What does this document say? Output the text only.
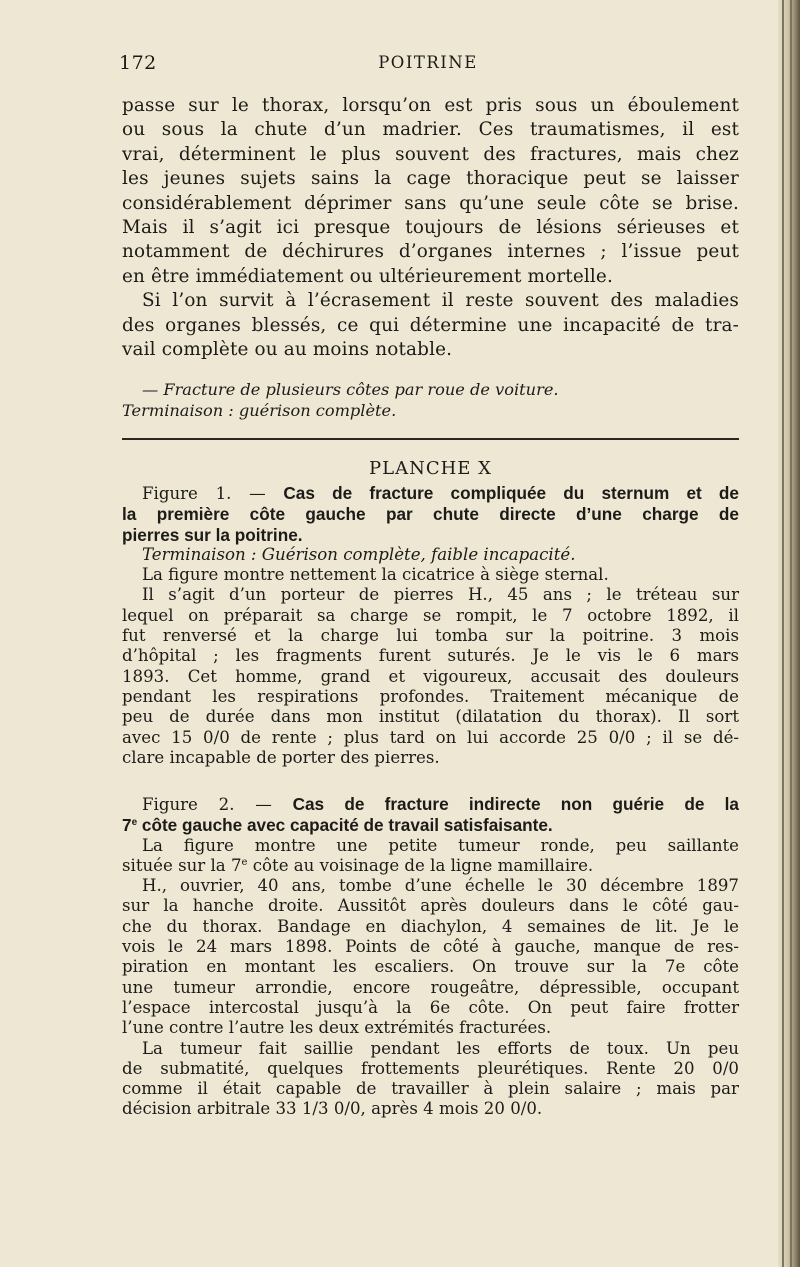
172	POITRINE
passe sur le thorax, lorsqu’on est pris sous un éboulement
ou sous la chute d’un madrier. Ces traumatismes, il est
vrai, déterminent le plus souvent des fractures, mais chez
les jeunes sujets sains la cage thoracique peut se laisser
considérablement déprimer sans qu’une seule côte se brise.
Mais il s’agit ici presque toujours de lésions sérieuses et
notamment de déchirures d’organes internes ; l’issue peut
en être immédiatement ou ultérieurement mortelle.
Si l’on survit à l’écrasement il reste souvent des maladies
des organes blessés, ce qui détermine une incapacité de tra-
vail complète ou au moins notable.
— Fracture de plusieurs côtes par roue de voiture.
Terminaison : guérison complète.
PLANCHE X
Figure 1. — Cas de fracture compliquée du sternum et de
la première côte gauche par chute directe d’une charge de
pierres sur la poitrine.
Terminaison : Guérison complète, faible incapacité.
La figure montre nettement la cicatrice à siège sternal.
Il s’agit d’un porteur de pierres H., 45 ans ; le tréteau sur
lequel on préparait sa charge se rompit, le 7 octobre 1892, il
fut renversé et la charge lui tomba sur la poitrine. 3 mois
d’hôpital ; les fragments furent suturés. Je le vis le 6 mars
1893. Cet homme, grand et vigoureux, accusait des douleurs
pendant les respirations profondes. Traitement mécanique de
peu de durée dans mon institut (dilatation du thorax). Il sort
avec 15 0/0 de rente ; plus tard on lui accorde 25 0/0 ; il se dé-
clare incapable de porter des pierres.
Figure 2. — Cas de fracture indirecte non guérie de la
7e côte gauche avec capacité de travail satisfaisante.
La figure montre une petite tumeur ronde, peu saillante
située sur la 7e côte au voisinage de la ligne mamillaire.
H., ouvrier, 40 ans, tombe d’une échelle le 30 décembre 1897
sur la hanche droite. Aussitôt après douleurs dans le côté gau-
che du thorax. Bandage en diachylon, 4 semaines de lit. Je le
vois le 24 mars 1898. Points de côté à gauche, manque de res-
piration en montant les escaliers. On trouve sur la 7e côte
une tumeur arrondie, encore rougeâtre, dépressible, occupant
l’espace intercostal jusqu’à la 6e côte. On peut faire frotter
l’une contre l’autre les deux extrémités fracturées.
La tumeur fait saillie pendant les efforts de toux. Un peu
de submatité, quelques frottements pleurétiques. Rente 20 0/0
comme il était capable de travailler à plein salaire ; mais par
décision arbitrale 33 1/3 0/0, après 4 mois 20 0/0.
